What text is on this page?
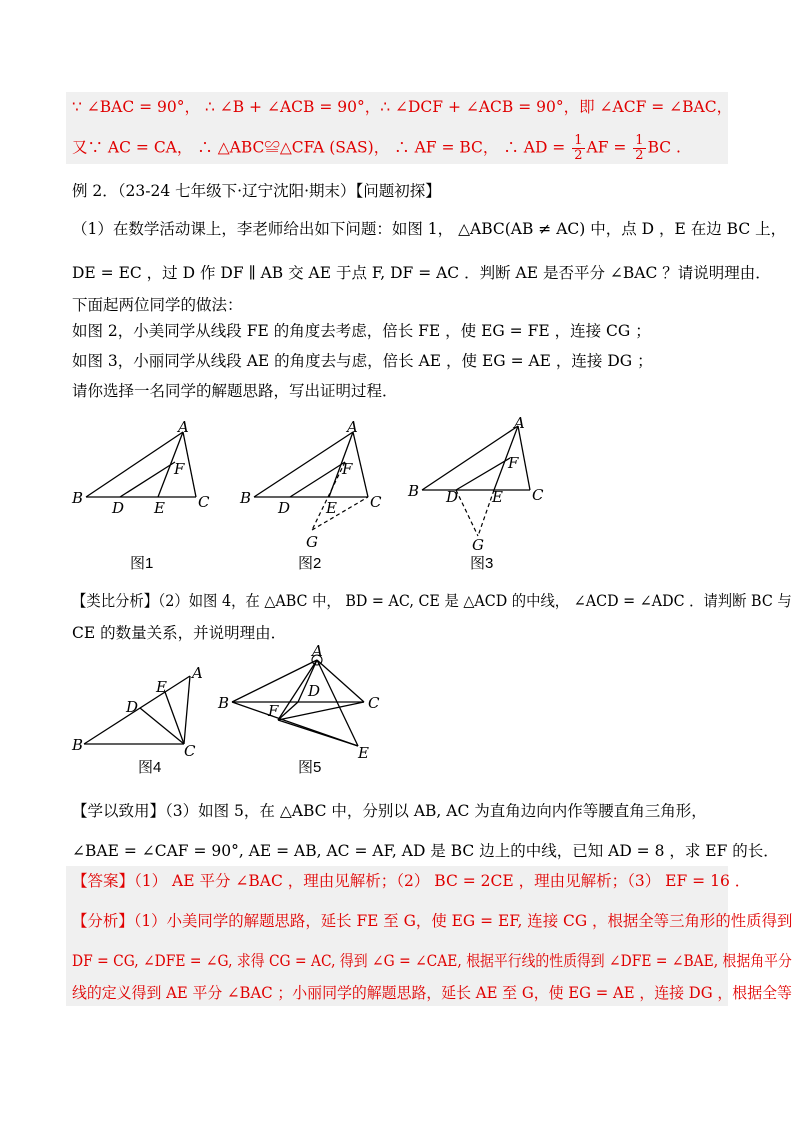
∵ ∠BAC = 90°， ∴ ∠B + ∠ACB = 90°，∴ ∠DCF + ∠ACB = 90°，即 ∠ACF = ∠BAC，
又∵ AC = CA， ∴ △ABC≌△CFA (SAS)， ∴ AF = BC， ∴ AD = $\frac{1}{2}$ AF = $\frac{1}{2}$ BC .
例 2．（23-24 七年级下·辽宁沈阳·期末）【问题初探】
（1）在数学活动课上，李老师给出如下问题：如图 1， △ABC(AB ≠ AC) 中，点 D ，E 在边 BC 上，
DE = EC ，过 D 作 DF ∥ AB 交 AE 于点 F, DF = AC ．判断 AE 是否平分 ∠BAC ？请说明理由．
下面起两位同学的做法：
如图 2，小美同学从线段 FE 的角度去考虑，倍长 FE ，使 EG = FE ，连接 CG ；
如图 3，小丽同学从线段 AE 的角度去与虑，倍长 AE ，使 EG = AE ，连接 DG ；
请你选择一名同学的解题思路，写出证明过程．
A
B	C
D E
F
图1
A
B	C
D E
F
G
图2
A
B	C
D E
F
G
图3
【类比分析】（2）如图 4，在 △ABC 中， BD = AC, CE 是 △ACD 的中线， ∠ACD = ∠ADC ．请判断 BC 与
CE 的数量关系，并说明理由．
A
B	C
D
E
图4
A
B	C
D
E
F
图5
【学以致用】（3）如图 5，在 △ABC 中，分别以 AB, AC 为直角边向内作等腰直角三角形，
∠BAE = ∠CAF = 90°, AE = AB, AC = AF, AD 是 BC 边上的中线，已知 AD = 8 ，求 EF 的长．
【答案】（1） AE 平分 ∠BAC ，理由见解析；（2） BC = 2CE ，理由见解析；（3） EF = 16 ．
【分析】（1）小美同学的解题思路，延长 FE 至 G，使 EG = EF, 连接 CG ，根据全等三角形的性质得到
DF = CG, ∠DFE = ∠G, 求得 CG = AC, 得到 ∠G = ∠CAE, 根据平行线的性质得到 ∠DFE = ∠BAE, 根据角平分
线的定义得到 AE 平分 ∠BAC ；小丽同学的解题思路，延长 AE 至 G，使 EG = AE ，连接 DG ，根据全等
